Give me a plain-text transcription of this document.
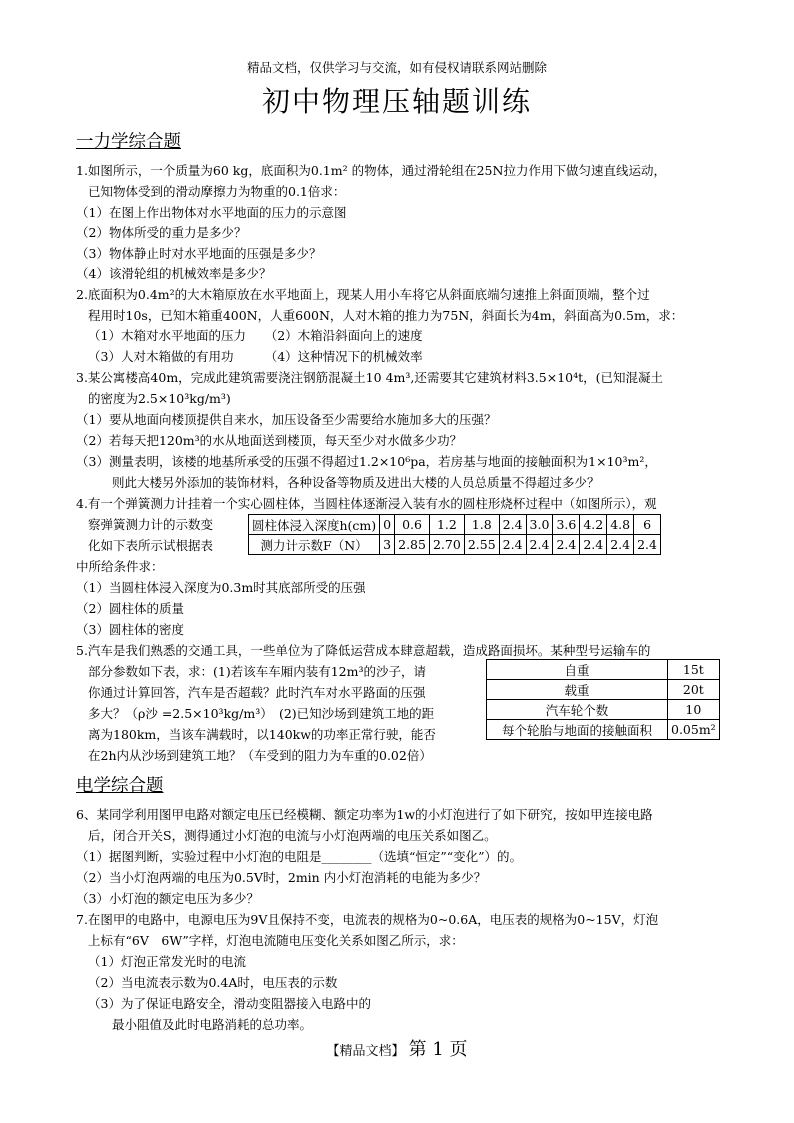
精品文档，仅供学习与交流，如有侵权请联系网站删除
初中物理压轴题训练
一力学综合题
1.如图所示，一个质量为60 kg，底面积为0.1m² 的物体，通过滑轮组在25N拉力作用下做匀速直线运动，
已知物体受到的滑动摩擦力为物重的0.1倍求：
（1）在图上作出物体对水平地面的压力的示意图
（2）物体所受的重力是多少？
（3）物体静止时对水平地面的压强是多少？
（4）该滑轮组的机械效率是多少？
2.底面积为0.4m²的大木箱原放在水平地面上，现某人用小车将它从斜面底端匀速推上斜面顶端，整个过
程用时10s，已知木箱重400N，人重600N，人对木箱的推力为75N，斜面长为4m，斜面高为0.5m，求：
（1）木箱对水平地面的压力　　（2）木箱沿斜面向上的速度
（3）人对木箱做的有用功　　　（4）这种情况下的机械效率
3.某公寓楼高40m，完成此建筑需要浇注钢筋混凝土10 4m³,还需要其它建筑材料3.5×10⁴t，(已知混凝土
的密度为2.5×10³kg/m³)
（1）要从地面向楼顶提供自来水，加压设备至少需要给水施加多大的压强？
（2）若每天把120m³的水从地面送到楼顶，每天至少对水做多少功？
（3）测量表明，该楼的地基所承受的压强不得超过1.2×10⁶pa，若房基与地面的接触面积为1×10³m²，
则此大楼另外添加的装饰材料，各种设备等物质及进出大楼的人员总质量不得超过多少？
4.有一个弹簧测力计挂着一个实心圆柱体，当圆柱体逐渐浸入装有水的圆柱形烧杯过程中（如图所示），观
察弹簧测力计的示数变
化如下表所示试根据表
中所给条件求：
圆柱体浸入深度h(cm)	0	0.6	1.2	1.8	2.4	3.0	3.6	4.2	4.8	6
测力计示数F（N）	3	2.85	2.70	2.55	2.4	2.4	2.4	2.4	2.4	2.4
（1）当圆柱体浸入深度为0.3m时其底部所受的压强
（2）圆柱体的质量
（3）圆柱体的密度
5.汽车是我们熟悉的交通工具，一些单位为了降低运营成本肆意超载，造成路面损坏。某种型号运输车的
部分参数如下表，求：(1)若该车车厢内装有12m³的沙子，请
你通过计算回答，汽车是否超载？此时汽车对水平路面的压强
多大？（ρ沙 =2.5×10³kg/m³）　(2)已知沙场到建筑工地的距
离为180km，当该车满载时，以140kw的功率正常行驶，能否
在2h内从沙场到建筑工地？（车受到的阻力为车重的0.02倍）
自重	15t
载重	20t
汽车轮个数	10
每个轮胎与地面的接触面积	0.05m²
电学综合题
6、某同学利用图甲电路对额定电压已经模糊、额定功率为1w的小灯泡进行了如下研究，按如甲连接电路
后，闭合开关S，测得通过小灯泡的电流与小灯泡两端的电压关系如图乙。
（1）据图判断，实验过程中小灯泡的电阻是________（选填“恒定”“变化”）的。
（2）当小灯泡两端的电压为0.5V时，2min 内小灯泡消耗的电能为多少？
（3）小灯泡的额定电压为多少？
7.在图甲的电路中，电源电压为9V且保持不变，电流表的规格为0~0.6A，电压表的规格为0~15V，灯泡
上标有“6V　6W”字样，灯泡电流随电压变化关系如图乙所示，求：
（1）灯泡正常发光时的电流
（2）当电流表示数为0.4A时，电压表的示数
（3）为了保证电路安全，滑动变阻器接入电路中的
最小阻值及此时电路消耗的总功率。
【精品文档】 第 1 页
